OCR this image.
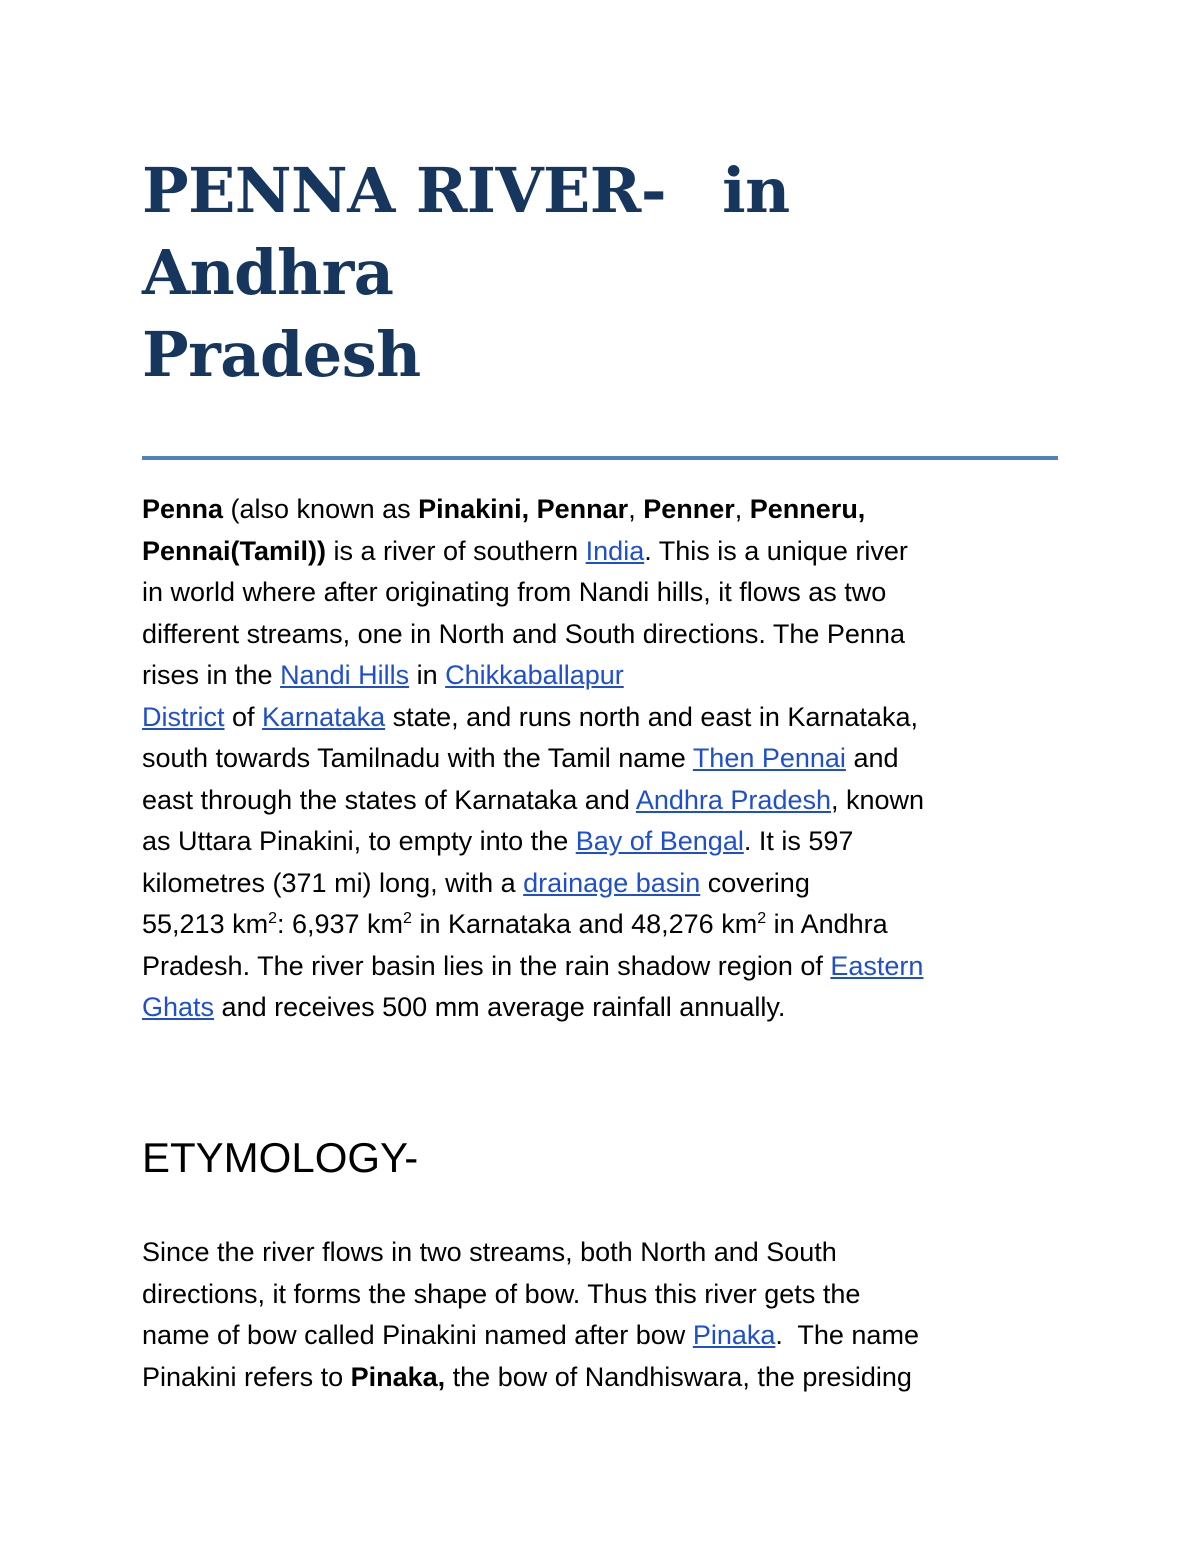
PENNA RIVER- in Andhra
Pradesh

Penna (also known as Pinakini, Pennar, Penner, Penneru,
Pennai(Tamil)) is a river of southern India. This is a unique river
in world where after originating from Nandi hills, it flows as two
different streams, one in North and South directions. The Penna
rises in the Nandi Hills in Chikkaballapur
District of Karnataka state, and runs north and east in Karnataka,
south towards Tamilnadu with the Tamil name Then Pennai and
east through the states of Karnataka and Andhra Pradesh, known
as Uttara Pinakini, to empty into the Bay of Bengal. It is 597
kilometres (371 mi) long, with a drainage basin covering
55,213 $km^2$: 6,937 $km^2$ in Karnataka and 48,276 $km^2$ in Andhra
Pradesh. The river basin lies in the rain shadow region of Eastern
Ghats and receives 500 mm average rainfall annually.

ETYMOLOGY-

Since the river flows in two streams, both North and South
directions, it forms the shape of bow. Thus this river gets the
name of bow called Pinakini named after bow Pinaka.  The name
Pinakini refers to Pinaka, the bow of Nandhiswara, the presiding
